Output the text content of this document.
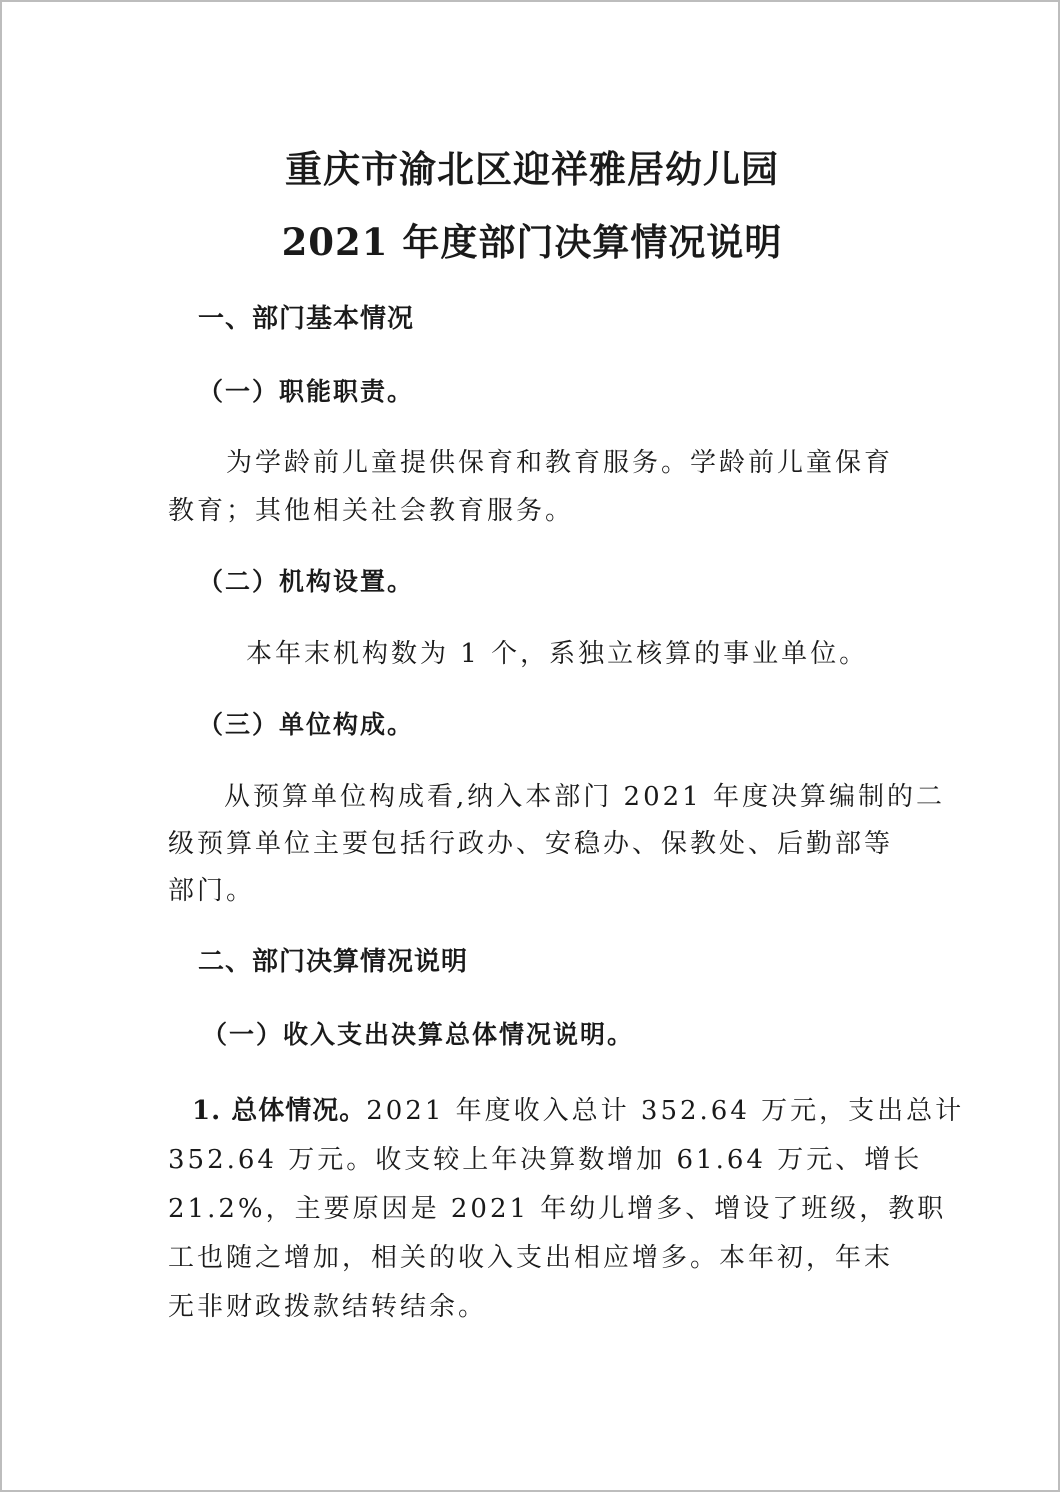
重庆市渝北区迎祥雅居幼儿园
2021 年度部门决算情况说明
一、部门基本情况
（一）职能职责。
为学龄前儿童提供保育和教育服务。学龄前儿童保育
教育；其他相关社会教育服务。
（二）机构设置。
本年末机构数为 1 个，系独立核算的事业单位。
（三）单位构成。
从预算单位构成看,纳入本部门 2021 年度决算编制的二
级预算单位主要包括行政办、安稳办、保教处、后勤部等
部门。
二、部门决算情况说明
（一）收入支出决算总体情况说明。
1. 总体情况。2021 年度收入总计 352.64 万元，支出总计
352.64 万元。收支较上年决算数增加 61.64 万元、增长
21.2%，主要原因是 2021 年幼儿增多、增设了班级，教职
工也随之增加，相关的收入支出相应增多。本年初，年末
无非财政拨款结转结余。
